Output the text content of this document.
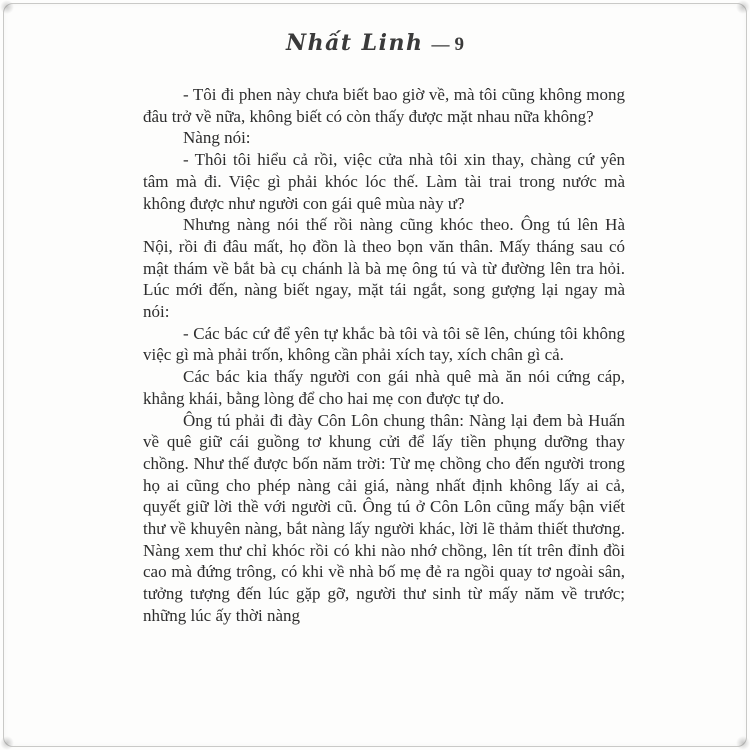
Nhất Linh — 9

- Tôi đi phen này chưa biết bao giờ về, mà tôi cũng không mong đâu trở về nữa, không biết có còn thấy được mặt nhau nữa không?

Nàng nói:

- Thôi tôi hiểu cả rồi, việc cửa nhà tôi xin thay, chàng cứ yên tâm mà đi. Việc gì phải khóc lóc thế. Làm tài trai trong nước mà không được như người con gái quê mùa này ư?

Nhưng nàng nói thế rồi nàng cũng khóc theo. Ông tú lên Hà Nội, rồi đi đâu mất, họ đồn là theo bọn văn thân. Mấy tháng sau có mật thám về bắt bà cụ chánh là bà mẹ ông tú và từ đường lên tra hỏi. Lúc mới đến, nàng biết ngay, mặt tái ngắt, song gượng lại ngay mà nói:

- Các bác cứ để yên tự khắc bà tôi và tôi sẽ lên, chúng tôi không việc gì mà phải trốn, không cần phải xích tay, xích chân gì cả.

Các bác kia thấy người con gái nhà quê mà ăn nói cứng cáp, khẳng khái, bằng lòng để cho hai mẹ con được tự do.

Ông tú phải đi đày Côn Lôn chung thân: Nàng lại đem bà Huấn về quê giữ cái guồng tơ khung cửi để lấy tiền phụng dưỡng thay chồng. Như thế được bốn năm trời: Từ mẹ chồng cho đến người trong họ ai cũng cho phép nàng cải giá, nàng nhất định không lấy ai cả, quyết giữ lời thề với người cũ. Ông tú ở Côn Lôn cũng mấy bận viết thư về khuyên nàng, bắt nàng lấy người khác, lời lẽ thảm thiết thương. Nàng xem thư chỉ khóc rồi có khi nào nhớ chồng, lên tít trên đỉnh đồi cao mà đứng trông, có khi về nhà bố mẹ đẻ ra ngồi quay tơ ngoài sân, tưởng tượng đến lúc gặp gỡ, người thư sinh từ mấy năm về trước; những lúc ấy thời nàng
